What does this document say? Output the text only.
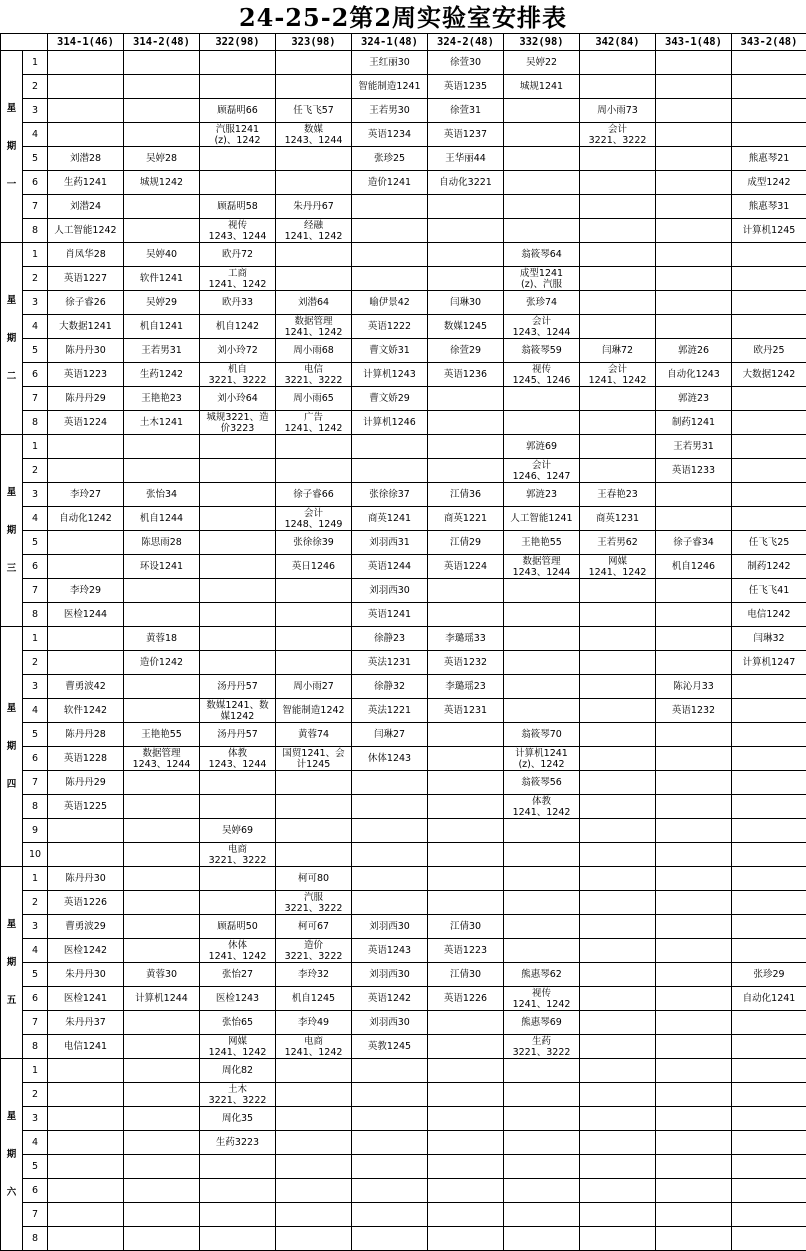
24-25-2第2周实验室安排表
		314-1(46)	314-2(48)	322(98)	323(98)	324-1(48)	324-2(48)	332(98)	342(84)	343-1(48)	343-2(48)

星
期
一	1					王红丽30	徐萱30	吴婷22			

	2					智能制造1241	英语1235	城规1241			

	3			顾磊明66	任飞飞57	王若男30	徐萱31		周小雨73		

	4			汽服1241
(z)、1242	数媒
1243、1244	英语1234	英语1237		会计
3221、3222		

	5	刘潜28	吴婷28			张珍25	王华丽44				熊惠琴21

	6	生药1241	城规1242			造价1241	自动化3221				成型1242

	7	刘潜24		顾磊明58	朱丹丹67						熊惠琴31

	8	人工智能1242		视传
1243、1244	经融
1241、1242						计算机1245

星
期
二	1	肖凤华28	吴婷40	欧丹72				翁筱琴64			

	2	英语1227	软件1241	工商
1241、1242				成型1241
(z)、汽服			

	3	徐子睿26	吴婷29	欧丹33	刘潜64	喻伊景42	闫琳30	张珍74			

	4	大数据1241	机自1241	机自1242	数据管理
1241、1242	英语1222	数媒1245	会计
1243、1244			

	5	陈丹丹30	王若男31	刘小玲72	周小雨68	曹文娇31	徐萱29	翁筱琴59	闫琳72	郭涟26	欧丹25

	6	英语1223	生药1242	机自
3221、3222	电信
3221、3222	计算机1243	英语1236	视传
1245、1246	会计
1241、1242	自动化1243	大数据1242

	7	陈丹丹29	王艳艳23	刘小玲64	周小雨65	曹文娇29				郭涟23	

	8	英语1224	土木1241	城规3221、造
价3223	广告
1241、1242	计算机1246				制药1241	

星
期
三	1							郭涟69		王若男31	

	2							会计
1246、1247		英语1233	

	3	李玲27	张怡34		徐子睿66	张徐徐37	江倩36	郭涟23	王春艳23		

	4	自动化1242	机自1244		会计
1248、1249	商英1241	商英1221	人工智能1241	商英1231		

	5		陈思雨28		张徐徐39	刘羽西31	江倩29	王艳艳55	王若男62	徐子睿34	任飞飞25

	6		环设1241		英日1246	英语1244	英语1224	数据管理
1243、1244	网媒
1241、1242	机自1246	制药1242

	7	李玲29				刘羽西30					任飞飞41

	8	医检1244				英语1241					电信1242

星
期
四	1		黄蓉18			徐静23	李璐瑶33				闫琳32

	2		造价1242			英法1231	英语1232				计算机1247

	3	曹勇波42		汤丹丹57	周小雨27	徐静32	李璐瑶23			陈沁月33	

	4	软件1242		数媒1241、数
媒1242	智能制造1242	英法1221	英语1231			英语1232	

	5	陈丹丹28	王艳艳55	汤丹丹57	黄蓉74	闫琳27		翁筱琴70			

	6	英语1228	数据管理
1243、1244	体教
1243、1244	国贸1241、会
计1245	休体1243		计算机1241
(z)、1242			

	7	陈丹丹29						翁筱琴56			

	8	英语1225						体教
1241、1242			

	9			吴婷69							

	10			电商
3221、3222							

星
期
五	1	陈丹丹30			柯可80						

	2	英语1226			汽服
3221、3222						

	3	曹勇波29		顾磊明50	柯可67	刘羽西30	江倩30				

	4	医检1242		休体
1241、1242	造价
3221、3222	英语1243	英语1223				

	5	朱丹丹30	黄蓉30	张怡27	李玲32	刘羽西30	江倩30	熊惠琴62			张珍29

	6	医检1241	计算机1244	医检1243	机自1245	英语1242	英语1226	视传
1241、1242			自动化1241

	7	朱丹丹37		张怡65	李玲49	刘羽西30		熊惠琴69			

	8	电信1241		网媒
1241、1242	电商
1241、1242	英教1245		生药
3221、3222			

星
期
六	1			周化82							

	2			土木
3221、3222							

	3			周化35							

	4			生药3223							

	5										
	6										
	7										
	8										
